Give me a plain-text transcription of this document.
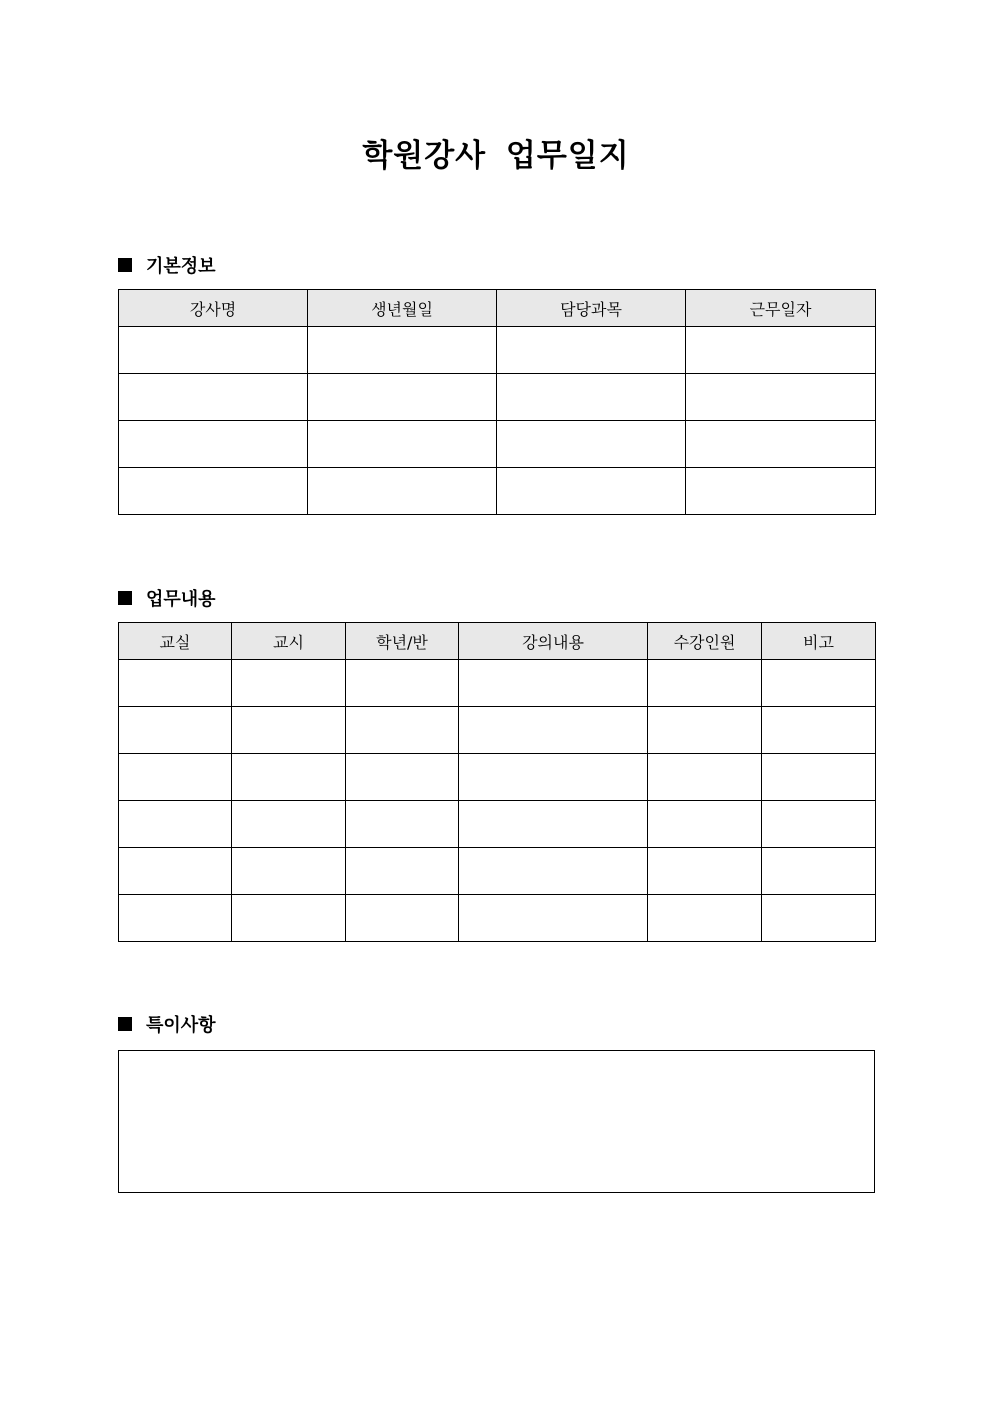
학원강사 업무일지
기본정보
강사명	생년월일	담당과목	근무일자

업무내용
교실	교시	학년/반	강의내용	수강인원	비고

특이사항
